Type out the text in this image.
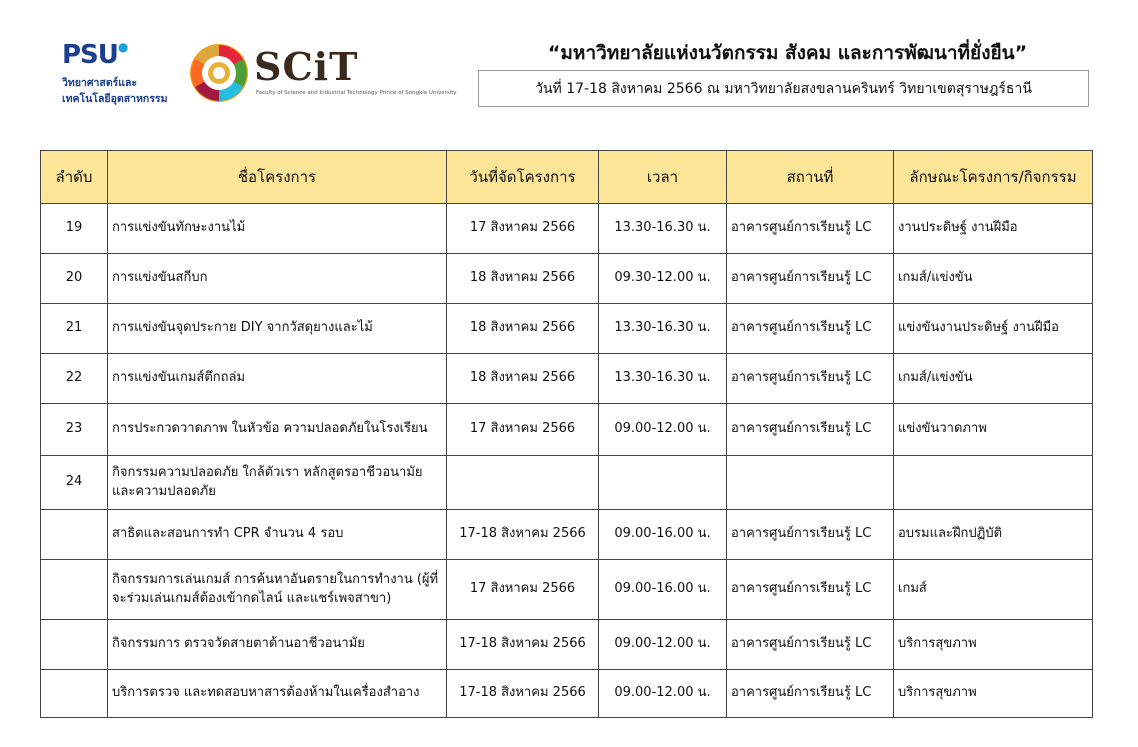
PSU●
วิทยาศาสตร์และ
เทคโนโลยีอุตสาหกรรม
SCiT
Faculty of Science and Industrial Technology Prince of Songkla University
“มหาวิทยาลัยแห่งนวัตกรรม สังคม และการพัฒนาที่ยั่งยืน”
วันที่ 17-18 สิงหาคม 2566 ณ มหาวิทยาลัยสงขลานครินทร์ วิทยาเขตสุราษฎร์ธานี
ลำดับ	ชื่อโครงการ	วันที่จัดโครงการ	เวลา	สถานที่	ลักษณะโครงการ/กิจกรรม
19	การแข่งขันทักษะงานไม้	17 สิงหาคม 2566	13.30-16.30 น.	อาคารศูนย์การเรียนรู้ LC	งานประดิษฐ์ งานฝีมือ
20	การแข่งขันสกีบก	18 สิงหาคม 2566	09.30-12.00 น.	อาคารศูนย์การเรียนรู้ LC	เกมส์/แข่งขัน
21	การแข่งขันจุดประกาย DIY จากวัสดุยางและไม้	18 สิงหาคม 2566	13.30-16.30 น.	อาคารศูนย์การเรียนรู้ LC	แข่งขันงานประดิษฐ์ งานฝีมือ
22	การแข่งขันเกมส์ตึกถล่ม	18 สิงหาคม 2566	13.30-16.30 น.	อาคารศูนย์การเรียนรู้ LC	เกมส์/แข่งขัน
23	การประกวดวาดภาพ ในหัวข้อ ความปลอดภัยในโรงเรียน	17 สิงหาคม 2566	09.00-12.00 น.	อาคารศูนย์การเรียนรู้ LC	แข่งขันวาดภาพ
24	กิจกรรมความปลอดภัย ใกล้ตัวเรา หลักสูตรอาชีวอนามัยและความปลอดภัย				
	สาธิตและสอนการทำ CPR จำนวน 4 รอบ	17-18 สิงหาคม 2566	09.00-16.00 น.	อาคารศูนย์การเรียนรู้ LC	อบรมและฝึกปฏิบัติ
	กิจกรรมการเล่นเกมส์ การค้นหาอันตรายในการทำงาน (ผู้ที่จะร่วมเล่นเกมส์ต้องเข้ากดไลน์ และแชร์เพจสาขา)	17 สิงหาคม 2566	09.00-16.00 น.	อาคารศูนย์การเรียนรู้ LC	เกมส์
	กิจกรรมการ ตรวจวัดสายตาด้านอาชีวอนามัย	17-18 สิงหาคม 2566	09.00-12.00 น.	อาคารศูนย์การเรียนรู้ LC	บริการสุขภาพ
	บริการตรวจ และทดสอบหาสารต้องห้ามในเครื่องสำอาง	17-18 สิงหาคม 2566	09.00-12.00 น.	อาคารศูนย์การเรียนรู้ LC	บริการสุขภาพ
